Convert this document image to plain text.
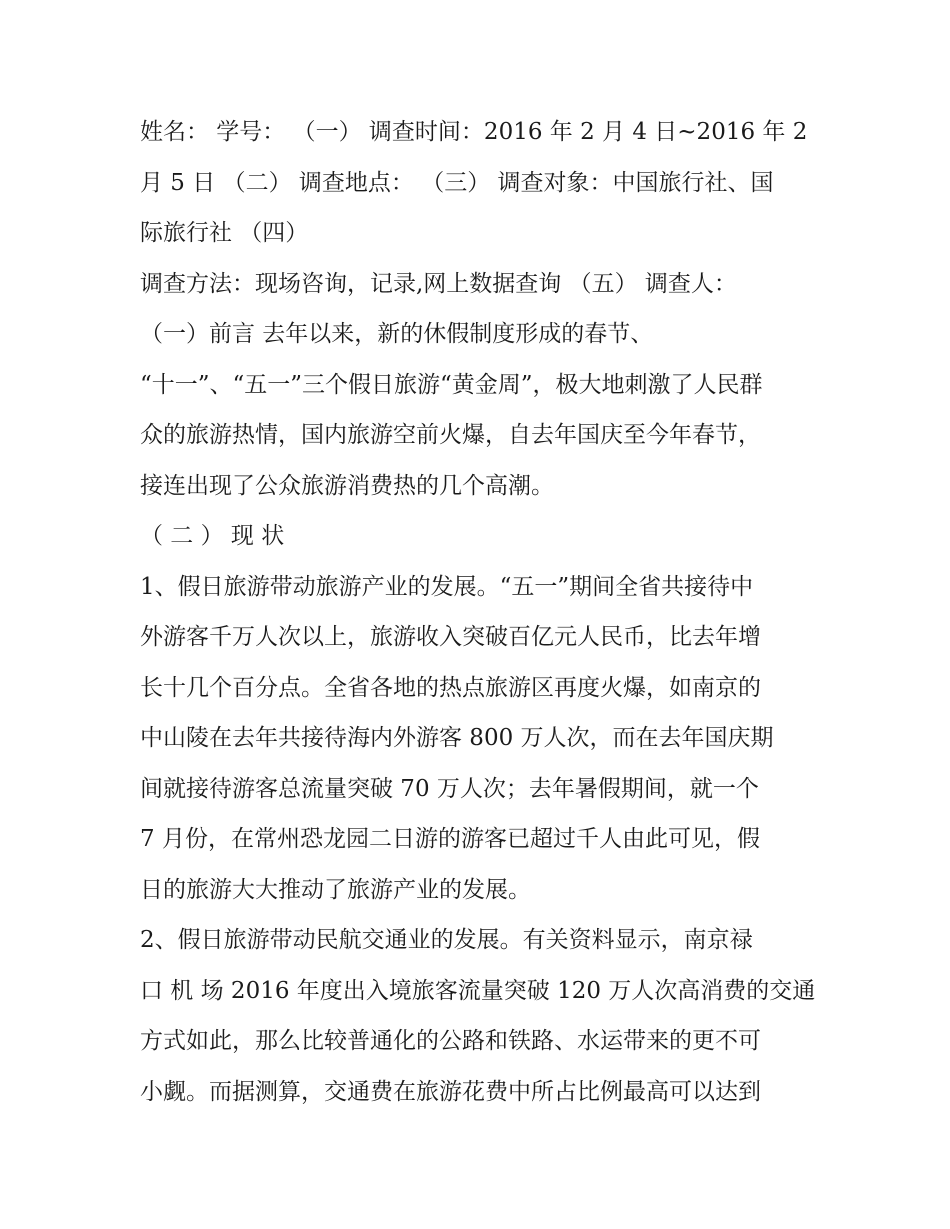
姓名： 学号： （一） 调查时间：2016 年 2 月 4 日~2016 年 2
月 5 日 （二） 调查地点： （三） 调查对象：中国旅行社、国
际旅行社 （四）
调查方法：现场咨询，记录,网上数据查询 （五） 调查人：
（一）前言 去年以来，新的休假制度形成的春节、
“十一”、“五一”三个假日旅游“黄金周”，极大地刺激了人民群
众的旅游热情，国内旅游空前火爆，自去年国庆至今年春节，
接连出现了公众旅游消费热的几个高潮。
（ 二 ） 现 状
1、假日旅游带动旅游产业的发展。“五一”期间全省共接待中
外游客千万人次以上，旅游收入突破百亿元人民币，比去年增
长十几个百分点。全省各地的热点旅游区再度火爆，如南京的
中山陵在去年共接待海内外游客 800 万人次，而在去年国庆期
间就接待游客总流量突破 70 万人次；去年暑假期间，就一个
7 月份，在常州恐龙园二日游的游客已超过千人由此可见，假
日的旅游大大推动了旅游产业的发展。
2、假日旅游带动民航交通业的发展。有关资料显示，南京禄
口 机 场 2016 年度出入境旅客流量突破 120 万人次高消费的交通
方式如此，那么比较普通化的公路和铁路、水运带来的更不可
小觑。而据测算，交通费在旅游花费中所占比例最高可以达到
